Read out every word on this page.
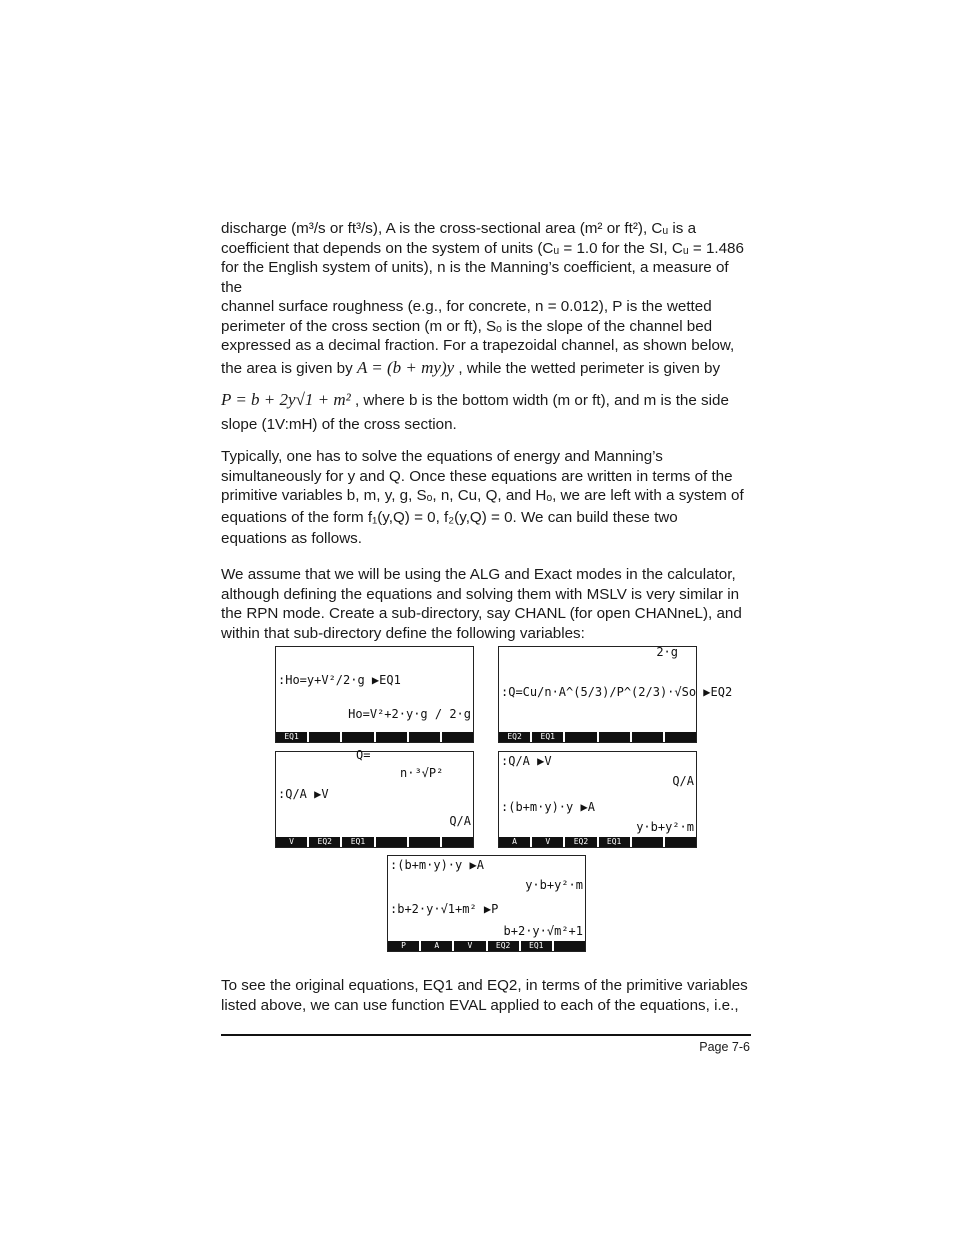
discharge (m³/s or ft³/s), A is the cross-sectional area (m² or ft²), Cᵤ is a

coefficient that depends on the system of units (Cᵤ = 1.0 for the SI, Cᵤ = 1.486

for the English system of units), n is the Manning’s coefficient, a measure of the

channel surface roughness (e.g., for concrete, n = 0.012), P is the wetted

perimeter of the cross section (m or ft), Sₒ is the slope of the channel bed

expressed as a decimal fraction. For a trapezoidal channel, as shown below,

the area is given by A = (b + my)y , while the wetted perimeter is given by

P = b + 2y√1 + m² , where b is the bottom width (m or ft), and m is the side

slope (1V:mH) of the cross section.

Typically, one has to solve the equations of energy and Manning’s

simultaneously for y and Q. Once these equations are written in terms of the

primitive variables b, m, y, g, Sₒ, n, Cu, Q, and Hₒ, we are left with a system of

equations of the form f₁(y,Q) = 0, f₂(y,Q) = 0. We can build these two

equations as follows.

We assume that we will be using the ALG and Exact modes in the calculator,

although defining the equations and solving them with MSLV is very similar in

the RPN mode. Create a sub-directory, say CHANL (for open CHANneL), and

within that sub-directory define the following variables:

:Ho=y+V²/2·g ▶EQ1
Ho=V²+2·y·g / 2·g
EQ1
2·g
:Q=Cu/n·A^(5/3)/P^(2/3)·√So ▶EQ2
EQ2	EQ1
Q=
n·³√P²
:Q/A ▶V
Q/A
V	EQ2	EQ1
:Q/A ▶V
Q/A
:(b+m·y)·y ▶A
y·b+y²·m
A	V	EQ2	EQ1
:(b+m·y)·y ▶A
y·b+y²·m
:b+2·y·√1+m² ▶P
b+2·y·√m²+1
P	A	V	EQ2	EQ1

To see the original equations, EQ1 and EQ2, in terms of the primitive variables

listed above, we can use function EVAL applied to each of the equations, i.e.,

Page 7-6
